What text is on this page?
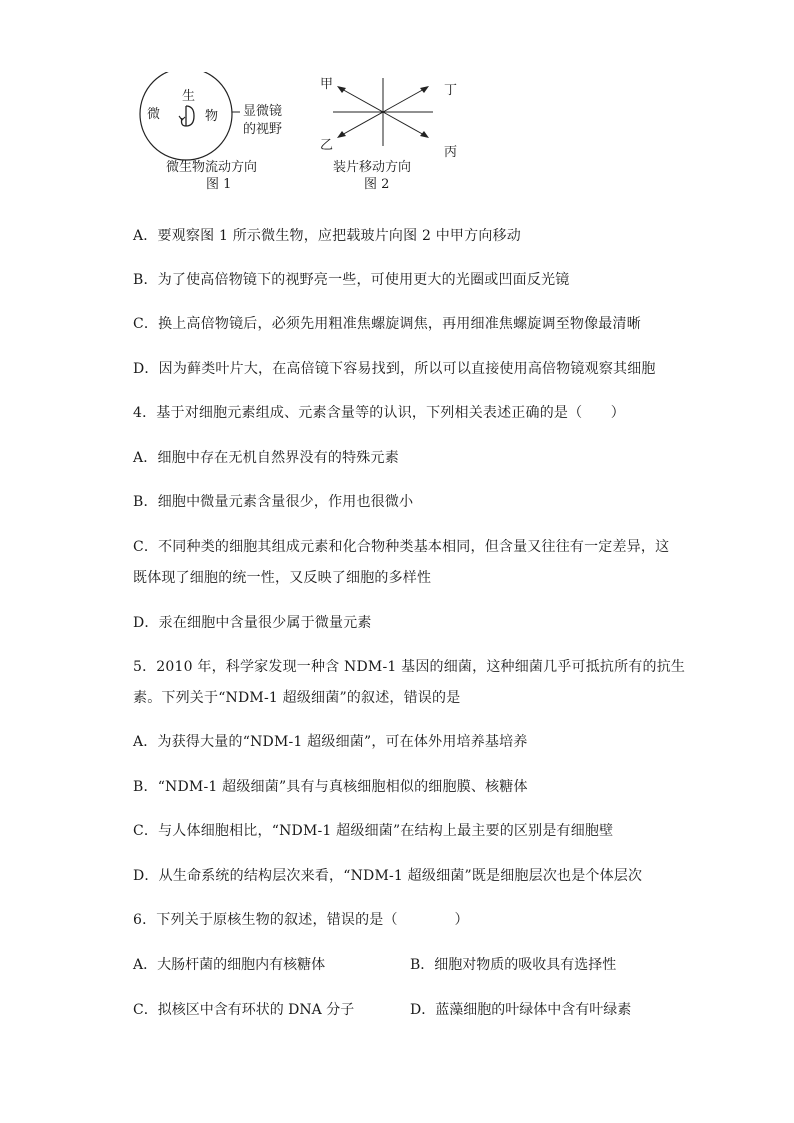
微
生
物 显微镜
的视野
微生物流动方向
图 1
甲	丁
乙	丙
装片移动方向
图 2
A．要观察图 1 所示微生物，应把载玻片向图 2 中甲方向移动
B．为了使高倍物镜下的视野亮一些，可使用更大的光圈或凹面反光镜
C．换上高倍物镜后，必须先用粗准焦螺旋调焦，再用细准焦螺旋调至物像最清晰
D．因为藓类叶片大，在高倍镜下容易找到，所以可以直接使用高倍物镜观察其细胞
4．基于对细胞元素组成、元素含量等的认识，下列相关表述正确的是（　　）
A．细胞中存在无机自然界没有的特殊元素
B．细胞中微量元素含量很少，作用也很微小
C．不同种类的细胞其组成元素和化合物种类基本相同，但含量又往往有一定差异，这
既体现了细胞的统一性，又反映了细胞的多样性
D．汞在细胞中含量很少属于微量元素
5．2010 年，科学家发现一种含 NDM-1 基因的细菌，这种细菌几乎可抵抗所有的抗生
素。下列关于“NDM-1 超级细菌”的叙述，错误的是
A．为获得大量的“NDM-1 超级细菌”，可在体外用培养基培养
B．“NDM-1 超级细菌”具有与真核细胞相似的细胞膜、核糖体
C．与人体细胞相比，“NDM-1 超级细菌”在结构上最主要的区别是有细胞壁
D．从生命系统的结构层次来看，“NDM-1 超级细菌”既是细胞层次也是个体层次
6．下列关于原核生物的叙述，错误的是（　　　　）
A．大肠杆菌的细胞内有核糖体	B．细胞对物质的吸收具有选择性
C．拟核区中含有环状的 DNA 分子	D．蓝藻细胞的叶绿体中含有叶绿素
